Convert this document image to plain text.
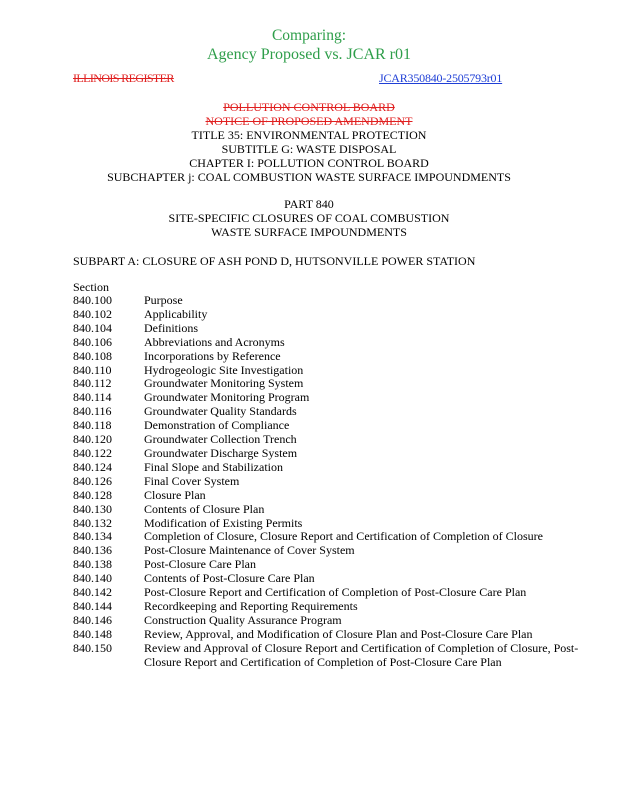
Comparing:
Agency Proposed vs. JCAR r01
ILLINOIS REGISTER	JCAR350840-2505793r01
POLLUTION CONTROL BOARD
NOTICE OF PROPOSED AMENDMENT
TITLE 35: ENVIRONMENTAL PROTECTION
SUBTITLE G: WASTE DISPOSAL
CHAPTER I: POLLUTION CONTROL BOARD
SUBCHAPTER j: COAL COMBUSTION WASTE SURFACE IMPOUNDMENTS
PART 840
SITE-SPECIFIC CLOSURES OF COAL COMBUSTION
WASTE SURFACE IMPOUNDMENTS
SUBPART A: CLOSURE OF ASH POND D, HUTSONVILLE POWER STATION
Section
840.100	Purpose
840.102	Applicability
840.104	Definitions
840.106	Abbreviations and Acronyms
840.108	Incorporations by Reference
840.110	Hydrogeologic Site Investigation
840.112	Groundwater Monitoring System
840.114	Groundwater Monitoring Program
840.116	Groundwater Quality Standards
840.118	Demonstration of Compliance
840.120	Groundwater Collection Trench
840.122	Groundwater Discharge System
840.124	Final Slope and Stabilization
840.126	Final Cover System
840.128	Closure Plan
840.130	Contents of Closure Plan
840.132	Modification of Existing Permits
840.134	Completion of Closure, Closure Report and Certification of Completion of Closure
840.136	Post-Closure Maintenance of Cover System
840.138	Post-Closure Care Plan
840.140	Contents of Post-Closure Care Plan
840.142	Post-Closure Report and Certification of Completion of Post-Closure Care Plan
840.144	Recordkeeping and Reporting Requirements
840.146	Construction Quality Assurance Program
840.148	Review, Approval, and Modification of Closure Plan and Post-Closure Care Plan
840.150	Review and Approval of Closure Report and Certification of Completion of Closure, Post-Closure Report and Certification of Completion of Post-Closure Care Plan
